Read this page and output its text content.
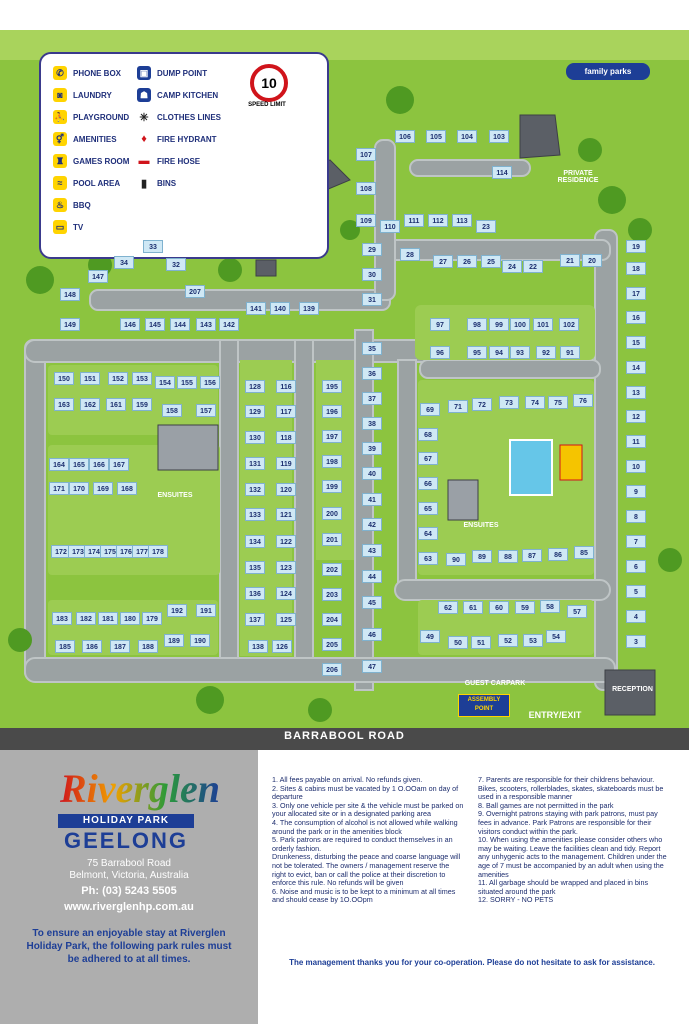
✆	PHONE BOX
◙	LAUNDRY
⛹ PLAYGROUND
⚥	AMENITIES
♜	GAMES ROOM
≈	POOL AREA
♨	BBQ
▭	TV
▣	DUMP POINT
☗	CAMP KITCHEN
✳ CLOTHES LINES
♦	FIRE HYDRANT
▬ FIRE HOSE
▮	BINS
10
SPEED LIMIT
family parks
MANAGERS RESIDENCE
PRIVATE RESIDENCE
ENSUITES
ENSUITES
GUEST CARPARK
ASSEMBLY POINT
ENTRY/EXIT
RECEPTION
106	105	104	103
107
114
108
109
110
111	112	113
23
28
27	26	25
24	22
21	20
29
30
31
19
18
17
16
15
14
13
12
11
10
9
8
7
6
5
4
3
33
34	32
147
148	207
149	146	145	144	143	142
141	140	139
35
36
37
38
39
40
41
42
43
44
45
46
47
202
203
204
205
206
195
196
197
198
199
200
201
128
129
130
131
132
133
134
135
136
137
138
116
117
118
119
120
121
122
123
124
125
126
150	151	152	153
154	155	156
163	162	161	159
158	157
164	165	166	167
171	170	169	168
172 173 174 175 176 177 178
183	182	181	180	179
192	191
189	190
185	186	187	188
97	98	99	100	101	102
96	95	94	93	92	91
69	71	72	73	74	75	76
68
67
66
65
64
63	90	89	88	87	86	85
62	61	60	59	58
57
49
50	51	52	53
54
BARRABOOL ROAD
Riverglen
HOLIDAY PARK
GEELONG
75 Barrabool Road
Belmont, Victoria, Australia
Ph: (03) 5243 5505
www.riverglenhp.com.au
To ensure an enjoyable stay at Riverglen Holiday Park, the following park rules must be adhered to at all times.
1. All fees payable on arrival. No refunds given.
2. Sites & cabins must be vacated by 1 O.OOam on day of departure
3. Only one vehicle per site & the vehicle must be parked on your allocated site or in a designated parking area
4. The consumption of alcohol is not allowed while walking around the park or in the amenities block
5. Park patrons are required to conduct themselves in an orderly fashion.
Drunkeness, disturbing the peace and coarse language will not be tolerated. The owners / management reserve the right to evict, ban or call the police at their discretion to enforce this rule. No refunds will be given
6. Noise and music is to be kept to a minimum at all times and should cease by 1O.OOpm
7. Parents are responsible for their childrens behaviour. Bikes, scooters, rollerblades, skates, skateboards must be used in a responsible manner
8. Ball games are not permitted in the park
9. Overnight patrons staying with park patrons, must pay fees in advance. Park Patrons are responsible for their visitors conduct within the park.
10. When using the amenities please consider others who may be waiting. Leave the facilities clean and tidy. Report any unhygenic acts to the management. Children under the age of 7 must be accompanied by an adult when using the amenities
11. All garbage should be wrapped and placed in bins situated around the park
12. SORRY - NO PETS
The management thanks you for your co-operation. Please do not hesitate to ask for assistance.
